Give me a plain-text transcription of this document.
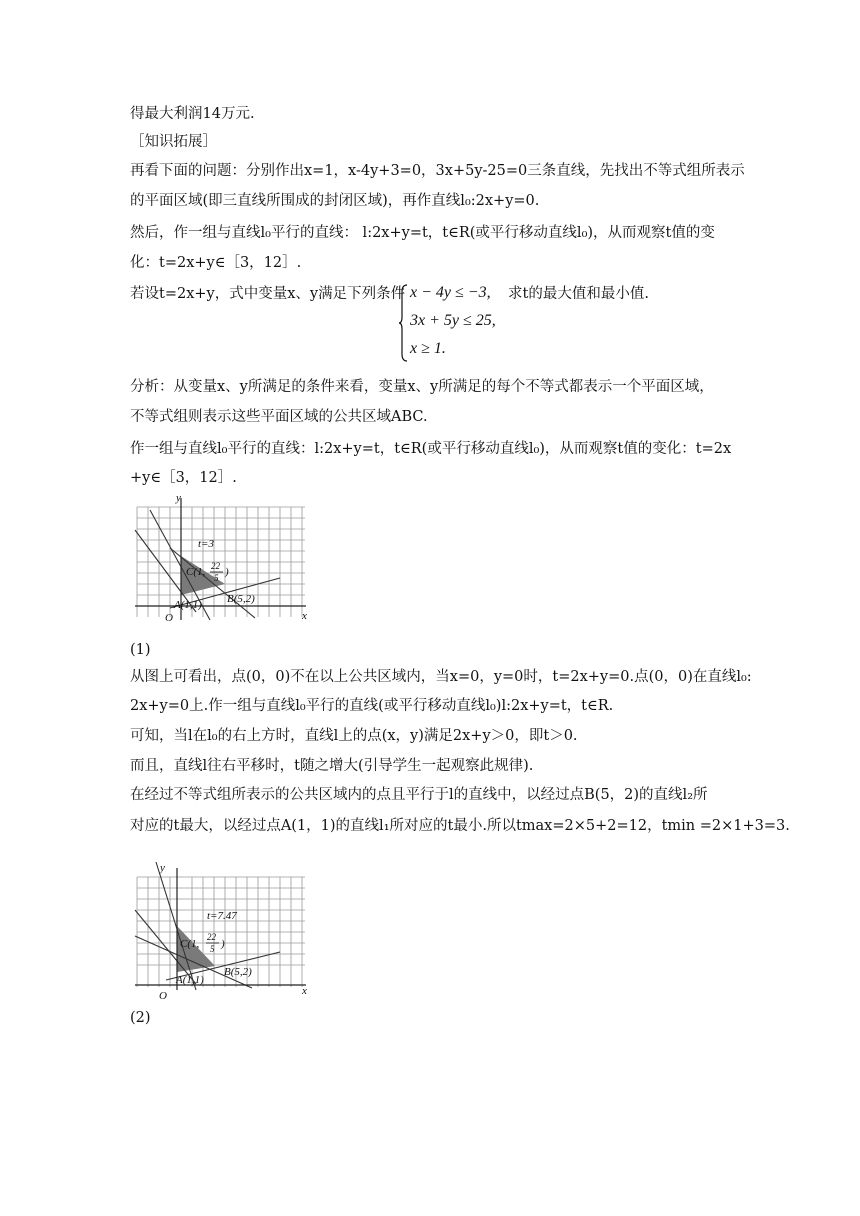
得最大利润14万元.
［知识拓展］
再看下面的问题：分别作出x=1，x-4y+3=0，3x+5y-25=0三条直线，先找出不等式组所表示
的平面区域(即三直线所围成的封闭区域)，再作直线l₀:2x+y=0.
然后，作一组与直线l₀平行的直线： l:2x+y=t，t∈R(或平行移动直线l₀)，从而观察t值的变
化：t=2x+y∈［3，12］.
若设t=2x+y，式中变量x、y满足下列条件	求t的最大值和最小值.
x − 4y ≤ −3,
3x + 5y ≤ 25,
x ≥ 1.
分析：从变量x、y所满足的条件来看，变量x、y所满足的每个不等式都表示一个平面区域，
不等式组则表示这些平面区域的公共区域ABC.
作一组与直线l₀平行的直线：l:2x+y=t，t∈R(或平行移动直线l₀)，从而观察t值的变化：t=2x
+y∈［3，12］.
y
x
O
t=3
C(1, 22
5 )
A(1,1) B(5,2)
(1)
从图上可看出，点(0，0)不在以上公共区域内，当x=0，y=0时，t=2x+y=0.点(0，0)在直线l₀:
2x+y=0上.作一组与直线l₀平行的直线(或平行移动直线l₀)l:2x+y=t，t∈R.
可知，当l在l₀的右上方时，直线l上的点(x，y)满足2x+y＞0，即t＞0.
而且，直线l往右平移时，t随之增大(引导学生一起观察此规律).
在经过不等式组所表示的公共区域内的点且平行于l的直线中，以经过点B(5，2)的直线l₂所
对应的t最大，以经过点A(1，1)的直线l₁所对应的t最小.所以tmax=2×5+2=12，tmin =2×1+3=3.
y
x
O
t=7.47
C(1,
22
5 )
A(1,1)
B(5,2)
(2)
